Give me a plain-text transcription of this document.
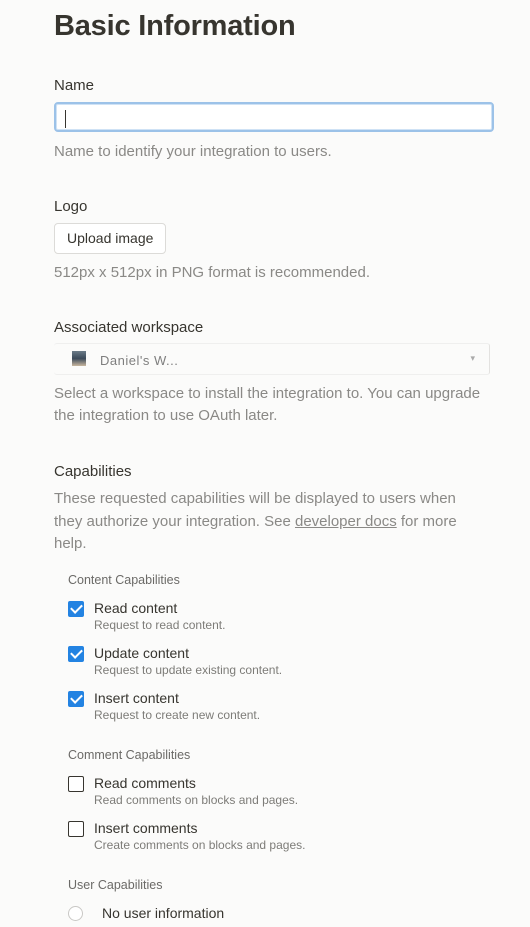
Basic Information
Name
Name to identify your integration to users.
Logo
Upload image
512px x 512px in PNG format is recommended.
Associated workspace
Daniel's W...	▾
Select a workspace to install the integration to. You can upgrade
the integration to use OAuth later.
Capabilities
These requested capabilities will be displayed to users when
they authorize your integration. See developer docs for more
help.
Content Capabilities
Read content
Request to read content.
Update content
Request to update existing content.
Insert content
Request to create new content.
Comment Capabilities
Read comments
Read comments on blocks and pages.
Insert comments
Create comments on blocks and pages.
User Capabilities
No user information
